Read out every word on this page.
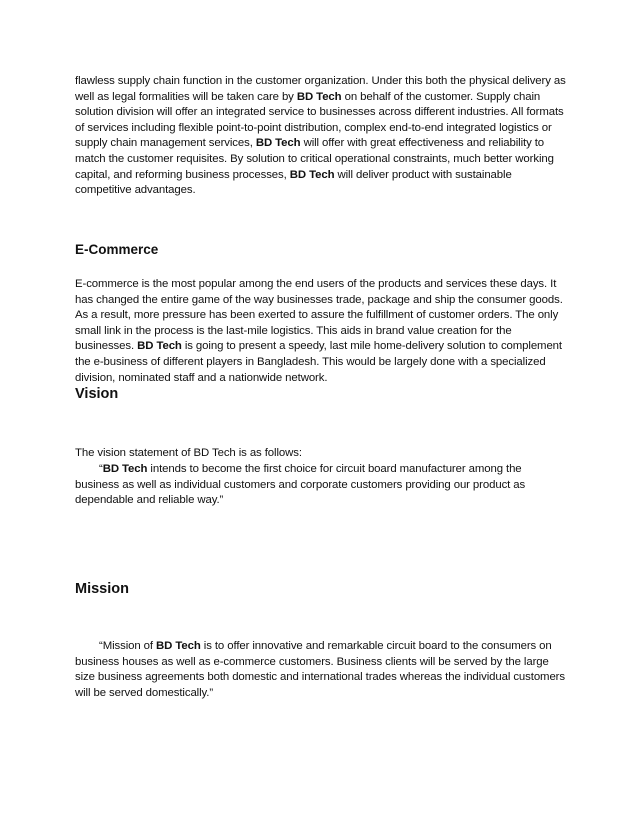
flawless supply chain function in the customer organization. Under this both the physical delivery as well as legal formalities will be taken care by BD Tech on behalf of the customer. Supply chain solution division will offer an integrated service to businesses across different industries. All formats of services including flexible point-to-point distribution, complex end-to-end integrated logistics or supply chain management services, BD Tech will offer with great effectiveness and reliability to match the customer requisites. By solution to critical operational constraints, much better working capital, and reforming business processes, BD Tech will deliver product with sustainable competitive advantages.

E-Commerce

E-commerce is the most popular among the end users of the products and services these days. It has changed the entire game of the way businesses trade, package and ship the consumer goods. As a result, more pressure has been exerted to assure the fulfillment of customer orders. The only small link in the process is the last-mile logistics. This aids in brand value creation for the businesses. BD Tech is going to present a speedy, last mile home-delivery solution to complement the e-business of different players in Bangladesh. This would be largely done with a specialized division, nominated staff and a nationwide network.

Vision

The vision statement of BD Tech is as follows:

“BD Tech intends to become the first choice for circuit board manufacturer among the business as well as individual customers and corporate customers providing our product as dependable and reliable way.”

Mission

“Mission of BD Tech is to offer innovative and remarkable circuit board to the consumers on business houses as well as e-commerce customers. Business clients will be served by the large size business agreements both domestic and international trades whereas the individual customers will be served domestically.”
